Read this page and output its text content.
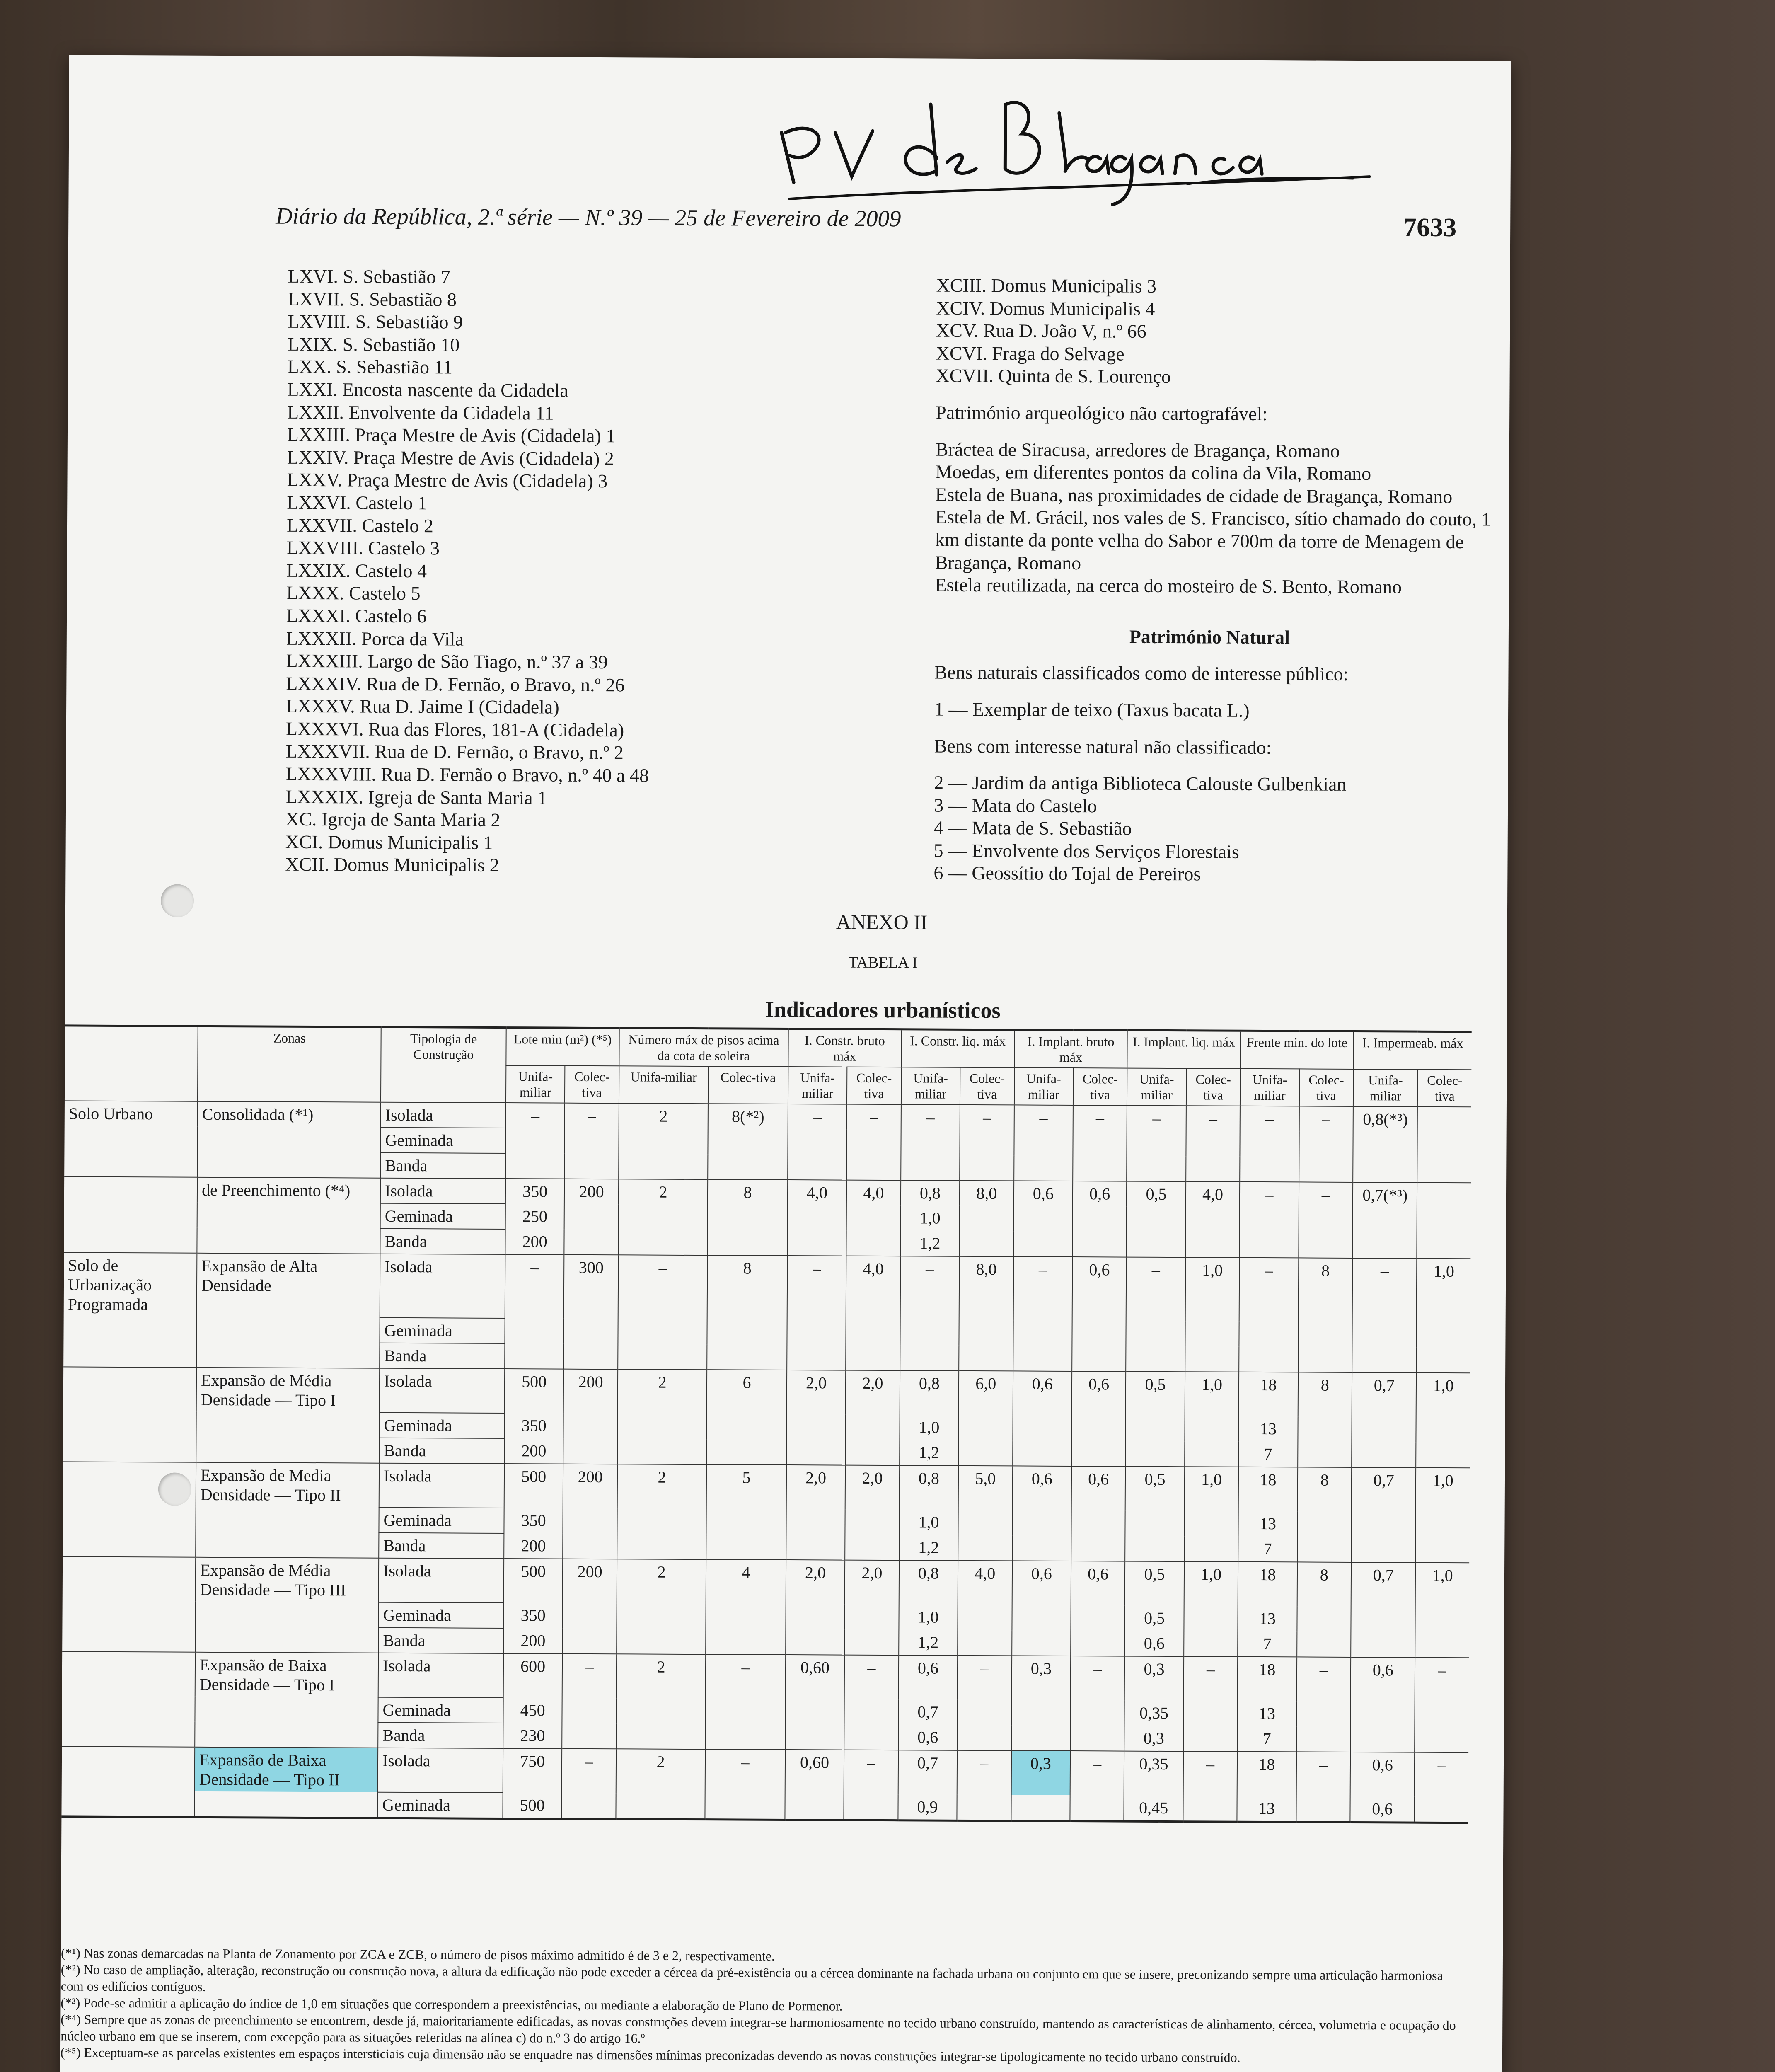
Diário da República, 2.ª série — N.º 39 — 25 de Fevereiro de 2009	7633
LXVI. S. Sebastião 7
LXVII. S. Sebastião 8
LXVIII. S. Sebastião 9
LXIX. S. Sebastião 10
LXX. S. Sebastião 11
LXXI. Encosta nascente da Cidadela
LXXII. Envolvente da Cidadela 11
LXXIII. Praça Mestre de Avis (Cidadela) 1
LXXIV. Praça Mestre de Avis (Cidadela) 2
LXXV. Praça Mestre de Avis (Cidadela) 3
LXXVI. Castelo 1
LXXVII. Castelo 2
LXXVIII. Castelo 3
LXXIX. Castelo 4
LXXX. Castelo 5
LXXXI. Castelo 6
LXXXII. Porca da Vila
LXXXIII. Largo de São Tiago, n.º 37 a 39
LXXXIV. Rua de D. Fernão, o Bravo, n.º 26
LXXXV. Rua D. Jaime I (Cidadela)
LXXXVI. Rua das Flores, 181-A (Cidadela)
LXXXVII. Rua de D. Fernão, o Bravo, n.º 2
LXXXVIII. Rua D. Fernão o Bravo, n.º 40 a 48
LXXXIX. Igreja de Santa Maria 1
XC. Igreja de Santa Maria 2
XCI. Domus Municipalis 1
XCII. Domus Municipalis 2
XCIII. Domus Municipalis 3
XCIV. Domus Municipalis 4
XCV. Rua D. João V, n.º 66
XCVI. Fraga do Selvage
XCVII. Quinta de S. Lourenço
Património arqueológico não cartografável:
Bráctea de Siracusa, arredores de Bragança, Romano
Moedas, em diferentes pontos da colina da Vila, Romano
Estela de Buana, nas proximidades de cidade de Bragança, Romano
Estela de M. Grácil, nos vales de S. Francisco, sítio chamado do couto, 1 km distante da ponte velha do Sabor e 700m da torre de Menagem de Bragança, Romano
Estela reutilizada, na cerca do mosteiro de S. Bento, Romano
Património Natural
Bens naturais classificados como de interesse público:
1 — Exemplar de teixo (Taxus bacata L.)
Bens com interesse natural não classificado:
2 — Jardim da antiga Biblioteca Calouste Gulbenkian
3 — Mata do Castelo
4 — Mata de S. Sebastião
5 — Envolvente dos Serviços Florestais
6 — Geossítio do Tojal de Pereiros
ANEXO II
TABELA I
Indicadores urbanísticos
	Zonas	Tipologia de Construção	Lote min (m²) (*⁵)		Número máx de pisos acima da cota de soleira		I. Constr. bruto máx		I. Constr. liq. máx		I. Implant. bruto máx		I. Implant. liq. máx		Frente min. do lote		I. Impermeab. máx	
			Unifa-miliar	Colec-tiva	Unifa-miliar	Colec-tiva	Unifa-miliar	Colec-tiva	Unifa-miliar	Colec-tiva	Unifa-miliar	Colec-tiva	Unifa-miliar	Colec-tiva	Unifa-miliar	Colec-tiva	Unifa-miliar	Colec-tiva
Solo Urbano	Consolidada (*¹)	Isolada	–	–	2	8(*²)	–	–	–	–	–	–	–	–	–	–	0,8(*³)	
		Geminada																
		Banda																
	de Preenchimento (*⁴)	Isolada	350	200	2	8	4,0	4,0	0,8	8,0	0,6	0,6	0,5	4,0	–	–	0,7(*³)	
		Geminada	250						1,0									
		Banda	200						1,2									
Solo de Urbanização Programada	Expansão de Alta Densidade	Isolada	–	300	–	8	–	4,0	–	8,0	–	0,6	–	1,0	–	8	–	1,0
		Geminada																
		Banda																
	Expansão de Média Densidade — Tipo I	Isolada	500	200	2	6	2,0	2,0	0,8	6,0	0,6	0,6	0,5	1,0	18	8	0,7	1,0
		Geminada	350						1,0						13			
		Banda	200						1,2						7			
	Expansão de Media Densidade — Tipo II	Isolada	500	200	2	5	2,0	2,0	0,8	5,0	0,6	0,6	0,5	1,0	18	8	0,7	1,0
		Geminada	350						1,0						13			
		Banda	200						1,2						7			
	Expansão de Média Densidade — Tipo III	Isolada	500	200	2	4	2,0	2,0	0,8	4,0	0,6	0,6	0,5	1,0	18	8	0,7	1,0
		Geminada	350						1,0				0,5		13			
		Banda	200						1,2				0,6		7			
	Expansão de Baixa Densidade — Tipo I	Isolada	600	–	2	–	0,60	–	0,6	–	0,3	–	0,3	–	18	–	0,6	–
		Geminada	450						0,7				0,35		13			
		Banda	230						0,6				0,3		7			
	Expansão de Baixa Densidade — Tipo II	Isolada	750	–	2	–	0,60	–	0,7	–	0,3	–	0,35	–	18	–	0,6	–
		Geminada	500						0,9				0,45		13		0,6	
(*¹) Nas zonas demarcadas na Planta de Zonamento por ZCA e ZCB, o número de pisos máximo admitido é de 3 e 2, respectivamente.
(*²) No caso de ampliação, alteração, reconstrução ou construção nova, a altura da edificação não pode exceder a cércea da pré-existência ou a cércea dominante na fachada urbana ou conjunto em que se insere, preconizando sempre uma articulação harmoniosa com os edifícios contíguos.
(*³) Pode-se admitir a aplicação do índice de 1,0 em situações que correspondem a preexistências, ou mediante a elaboração de Plano de Pormenor.
(*⁴) Sempre que as zonas de preenchimento se encontrem, desde já, maioritariamente edificadas, as novas construções devem integrar-se harmoniosamente no tecido urbano construído, mantendo as características de alinhamento, cércea, volumetria e ocupação do núcleo urbano em que se inserem, com excepção para as situações referidas na alínea c) do n.º 3 do artigo 16.º
(*⁵) Exceptuam-se as parcelas existentes em espaços intersticiais cuja dimensão não se enquadre nas dimensões mínimas preconizadas devendo as novas construções integrar-se tipologicamente no tecido urbano construído.
